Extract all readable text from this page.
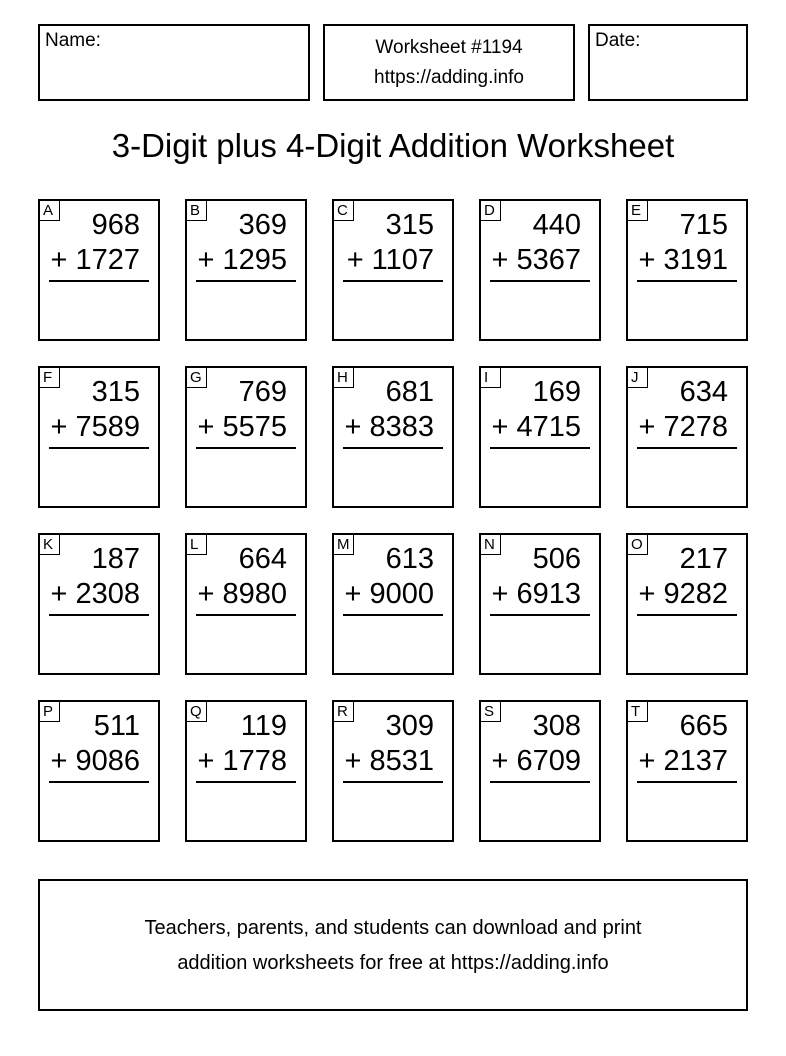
Name:	Worksheet #1194
https://adding.info
Date:
3-Digit plus 4-Digit Addition Worksheet
A 968
+ 1727
B 369
+ 1295
C 315
+ 1107
D 440
+ 5367
E 715
+ 3191
F 315
+ 7589
G 769
+ 5575
H 681
+ 8383
I	169
+ 4715
J	634
+ 7278
K 187
+ 2308
L 664
+ 8980
M 613
+ 9000
N 506
+ 6913
O 217
+ 9282
P 511
+ 9086
Q 119
+ 1778
R 309
+ 8531
S 308
+ 6709
T 665
+ 2137
Teachers, parents, and students can download and print
addition worksheets for free at https://adding.info
